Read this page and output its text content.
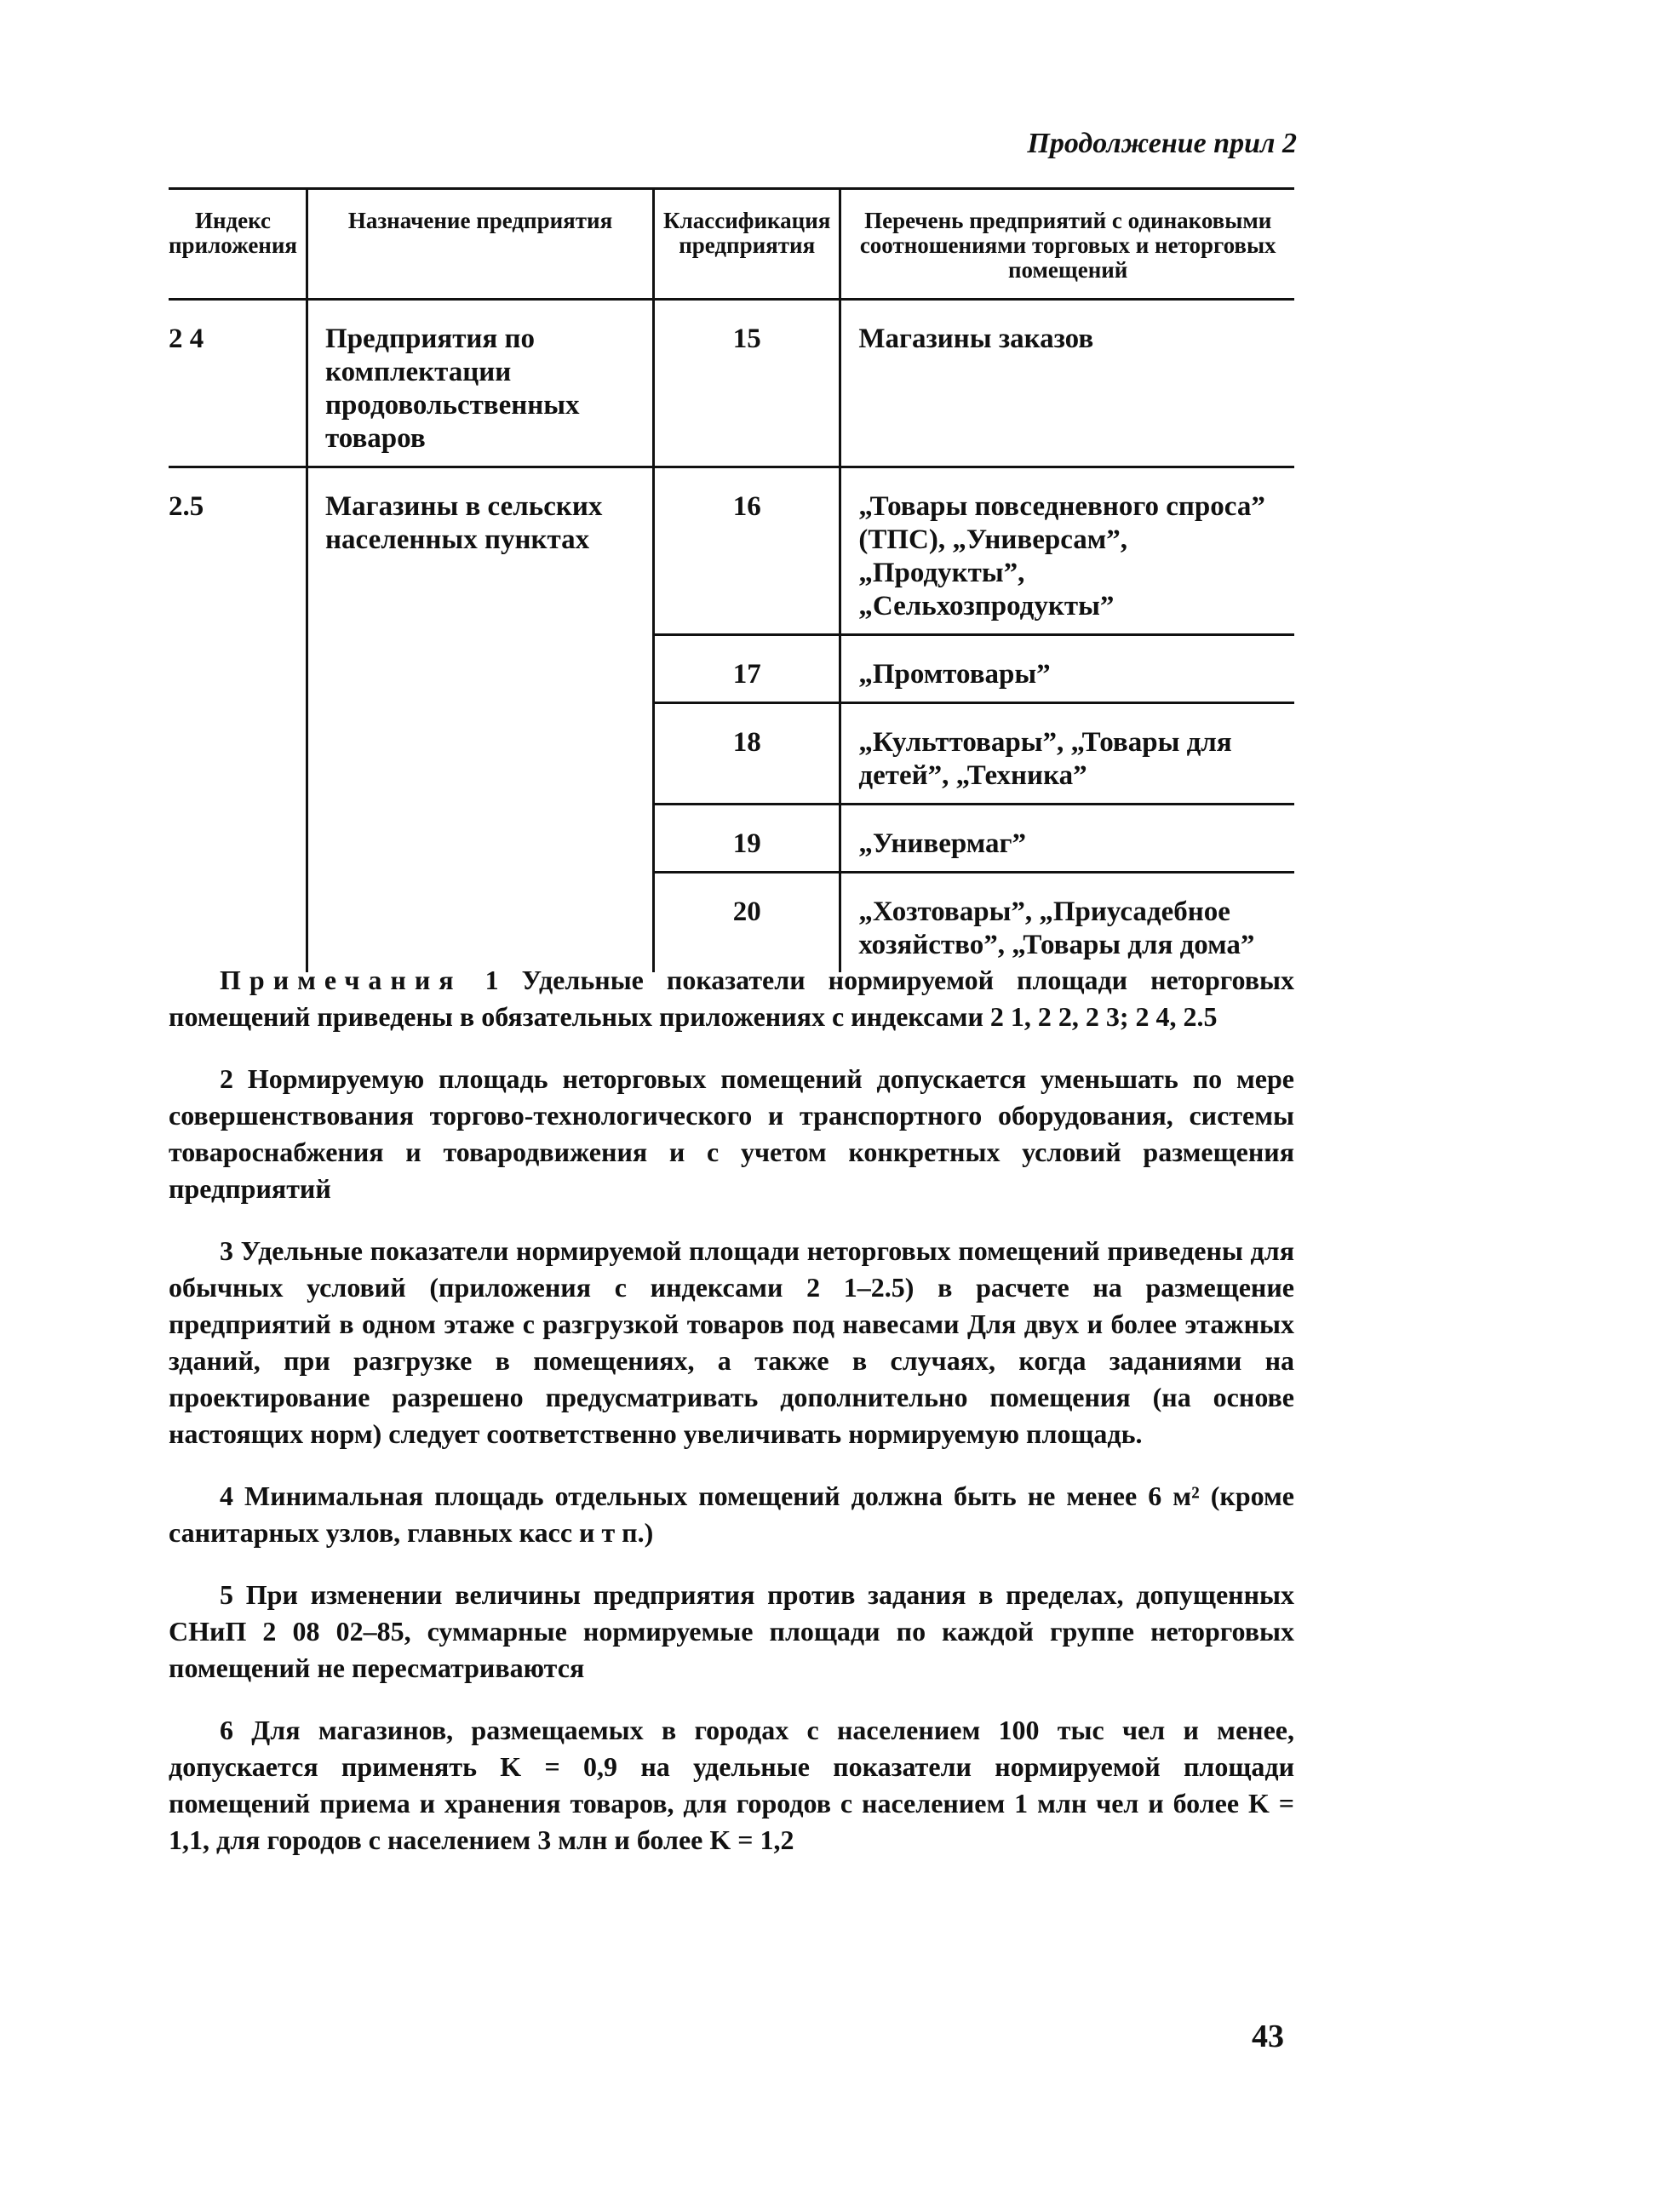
Продолжение прил 2
Индекс приложения	Назначение предприятия	Классификация предприятия	Перечень предприятий с одинаковыми соотношениями торговых и неторговых помещений
2 4	Предприятия по комплектации продовольственных товаров	15	Магазины заказов
2.5	Магазины в сельских населенных пунктах	16	„Товары повседневного спроса” (ТПС), „Универсам”, „Продукты”, „Сельхозпродукты”
		17	„Промтовары”
		18	„Культтовары”, „Товары для детей”, „Техника”
		19	„Универмаг”
		20	„Хозтовары”, „Приусадебное хозяйство”, „Товары для дома”

Примечания 1 Удельные показатели нормируемой площади неторговых помещений приведены в обязательных приложениях с индексами 2 1, 2 2, 2 3; 2 4, 2.5

2 Нормируемую площадь неторговых помещений допускается уменьшать по мере совершенствования торгово-технологического и транспортного оборудования, системы товароснабжения и товародвижения и с учетом конкретных условий размещения предприятий

3 Удельные показатели нормируемой площади неторговых помещений приведены для обычных условий (приложения с индексами 2 1–2.5) в расчете на размещение предприятий в одном этаже с разгрузкой товаров под навесами Для двух и более этажных зданий, при разгрузке в помещениях, а также в случаях, когда заданиями на проектирование разрешено предусматривать дополнительно помещения (на основе настоящих норм) следует соответственно увеличивать нормируемую площадь.

4 Минимальная площадь отдельных помещений должна быть не менее 6 м² (кроме санитарных узлов, главных касс и т п.)

5 При изменении величины предприятия против задания в пределах, допущенных СНиП 2 08 02–85, суммарные нормируемые площади по каждой группе неторговых помещений не пересматриваются

6 Для магазинов, размещаемых в городах с населением 100 тыс чел и менее, допускается применять K = 0,9 на удельные показатели нормируемой площади помещений приема и хранения товаров, для городов с населением 1 млн чел и более K = 1,1, для городов с населением 3 млн и более K = 1,2

43
